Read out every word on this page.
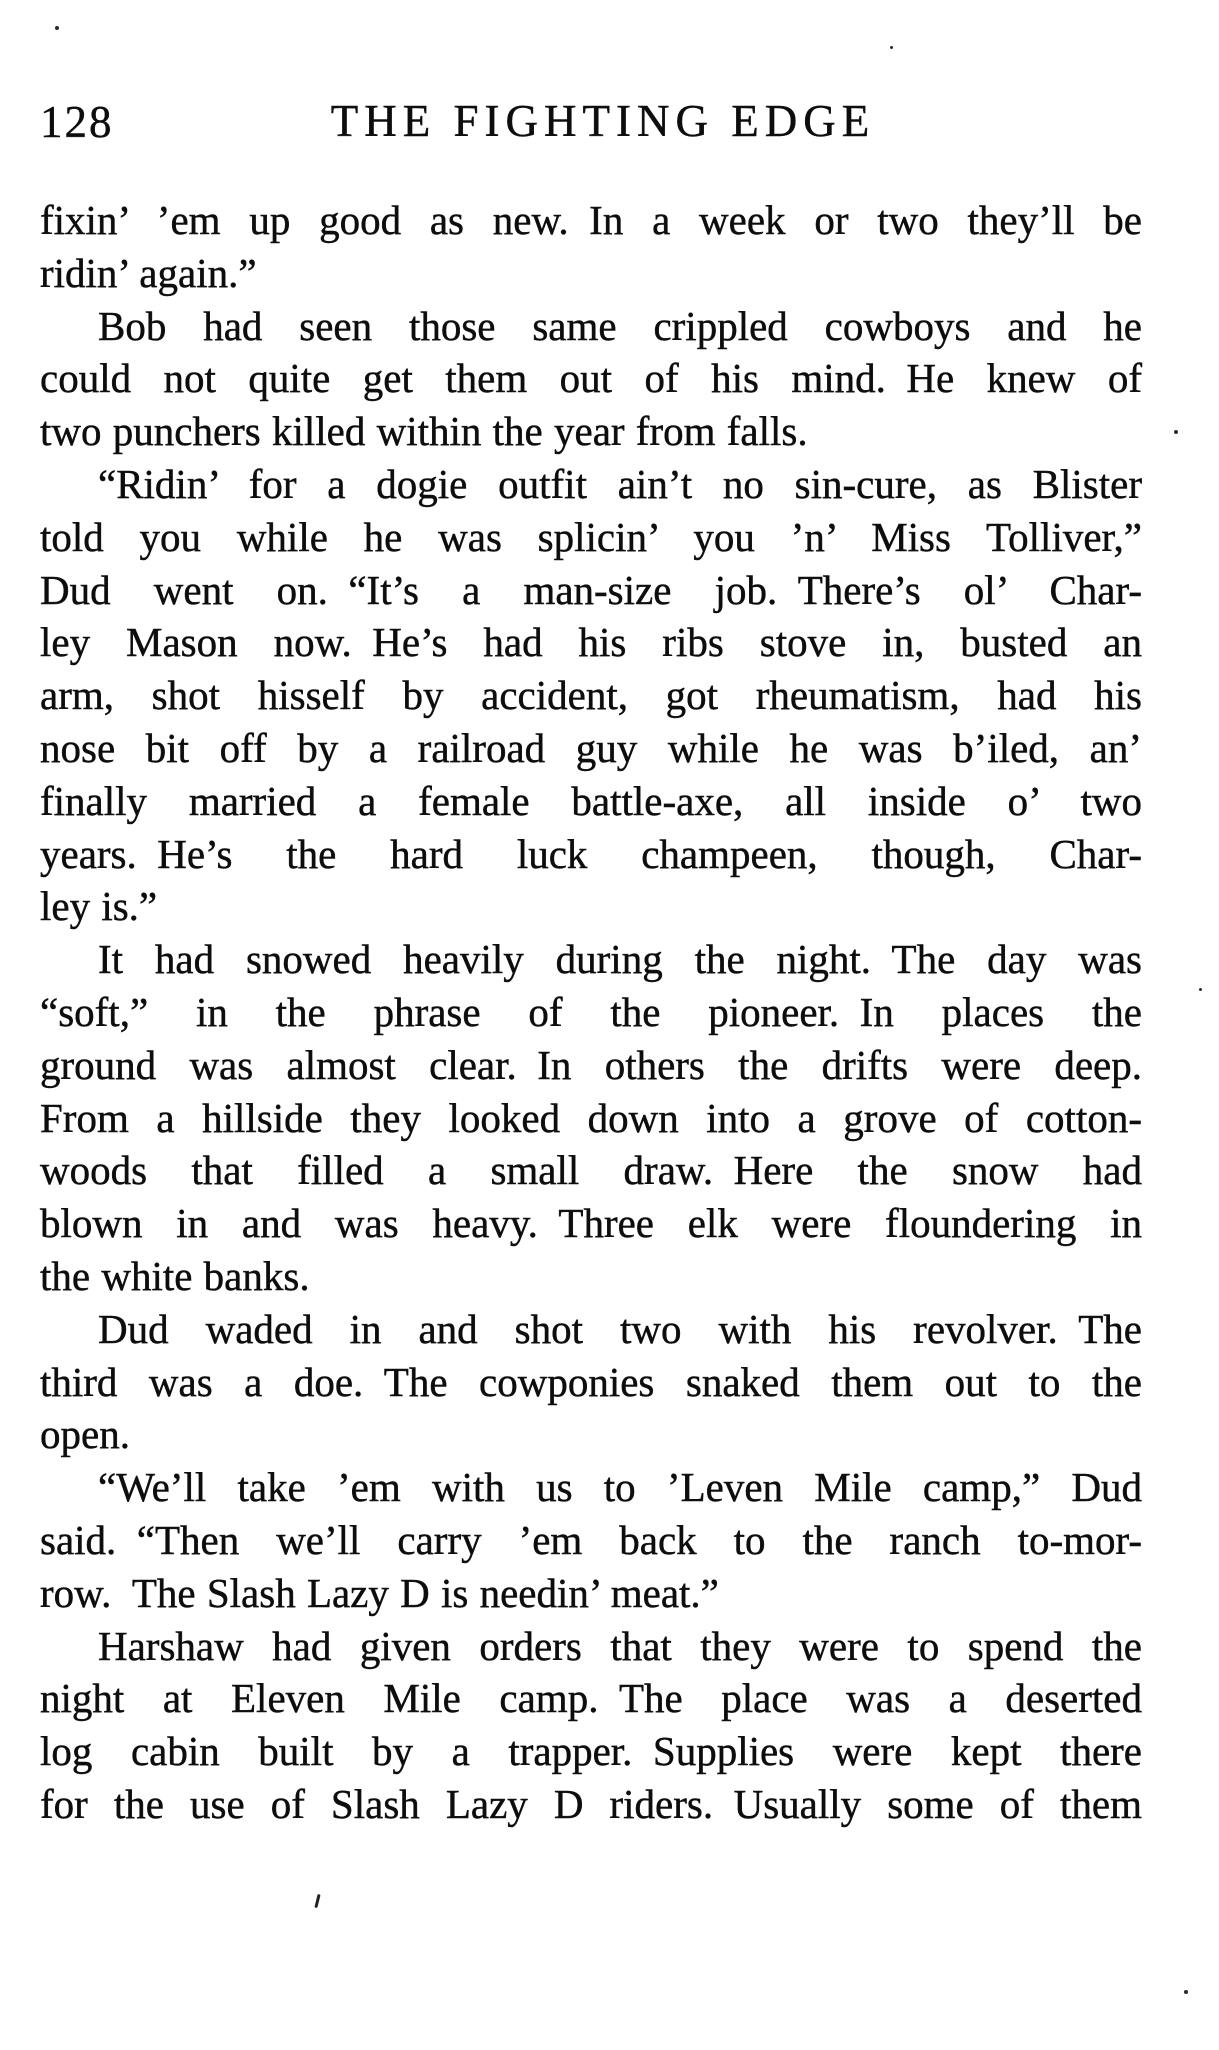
128	THE FIGHTING EDGE
fixin’ ’em up good as new. In a week or two they’ll be
ridin’ again.”
Bob had seen those same crippled cowboys and he
could not quite get them out of his mind. He knew of
two punchers killed within the year from falls.
“Ridin’ for a dogie outfit ain’t no sin-cure, as Blister
told you while he was splicin’ you ’n’ Miss Tolliver,”
Dud went on. “It’s a man-size job. There’s ol’ Char-
ley Mason now. He’s had his ribs stove in, busted an
arm, shot hisself by accident, got rheumatism, had his
nose bit off by a railroad guy while he was b’iled, an’
finally married a female battle-axe, all inside o’ two
years. He’s the hard luck champeen, though, Char-
ley is.”
It had snowed heavily during the night. The day was
“soft,” in the phrase of the pioneer. In places the
ground was almost clear. In others the drifts were deep.
From a hillside they looked down into a grove of cotton-
woods that filled a small draw. Here the snow had
blown in and was heavy. Three elk were floundering in
the white banks.
Dud waded in and shot two with his revolver. The
third was a doe. The cowponies snaked them out to the
open.
“We’ll take ’em with us to ’Leven Mile camp,” Dud
said. “Then we’ll carry ’em back to the ranch to-mor-
row. The Slash Lazy D is needin’ meat.”
Harshaw had given orders that they were to spend the
night at Eleven Mile camp. The place was a deserted
log cabin built by a trapper. Supplies were kept there
for the use of Slash Lazy D riders. Usually some of them
